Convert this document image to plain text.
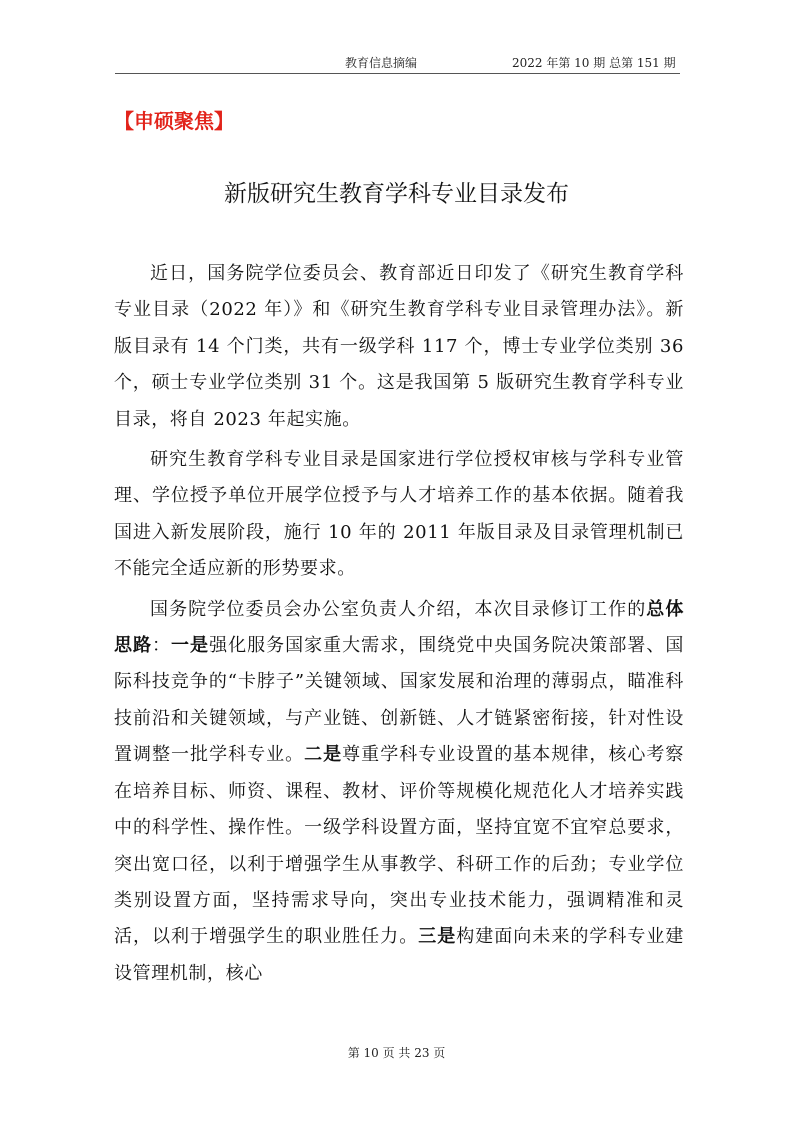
教育信息摘编	2022 年第 10 期 总第 151 期
【申硕聚焦】
新版研究生教育学科专业目录发布

近日，国务院学位委员会、教育部近日印发了《研究生教育学科专业目录（2022 年）》和《研究生教育学科专业目录管理办法》。新版目录有 14 个门类，共有一级学科 117 个，博士专业学位类别 36 个，硕士专业学位类别 31 个。这是我国第 5 版研究生教育学科专业目录，将自 2023 年起实施。

研究生教育学科专业目录是国家进行学位授权审核与学科专业管理、学位授予单位开展学位授予与人才培养工作的基本依据。随着我国进入新发展阶段，施行 10 年的 2011 年版目录及目录管理机制已不能完全适应新的形势要求。

国务院学位委员会办公室负责人介绍，本次目录修订工作的总体思路：一是强化服务国家重大需求，围绕党中央国务院决策部署、国际科技竞争的“卡脖子”关键领域、国家发展和治理的薄弱点，瞄准科技前沿和关键领域，与产业链、创新链、人才链紧密衔接，针对性设置调整一批学科专业。二是尊重学科专业设置的基本规律，核心考察在培养目标、师资、课程、教材、评价等规模化规范化人才培养实践中的科学性、操作性。一级学科设置方面，坚持宜宽不宜窄总要求，突出宽口径，以利于增强学生从事教学、科研工作的后劲；专业学位类别设置方面，坚持需求导向，突出专业技术能力，强调精准和灵活，以利于增强学生的职业胜任力。三是构建面向未来的学科专业建设管理机制，核心

第 10 页 共 23 页
